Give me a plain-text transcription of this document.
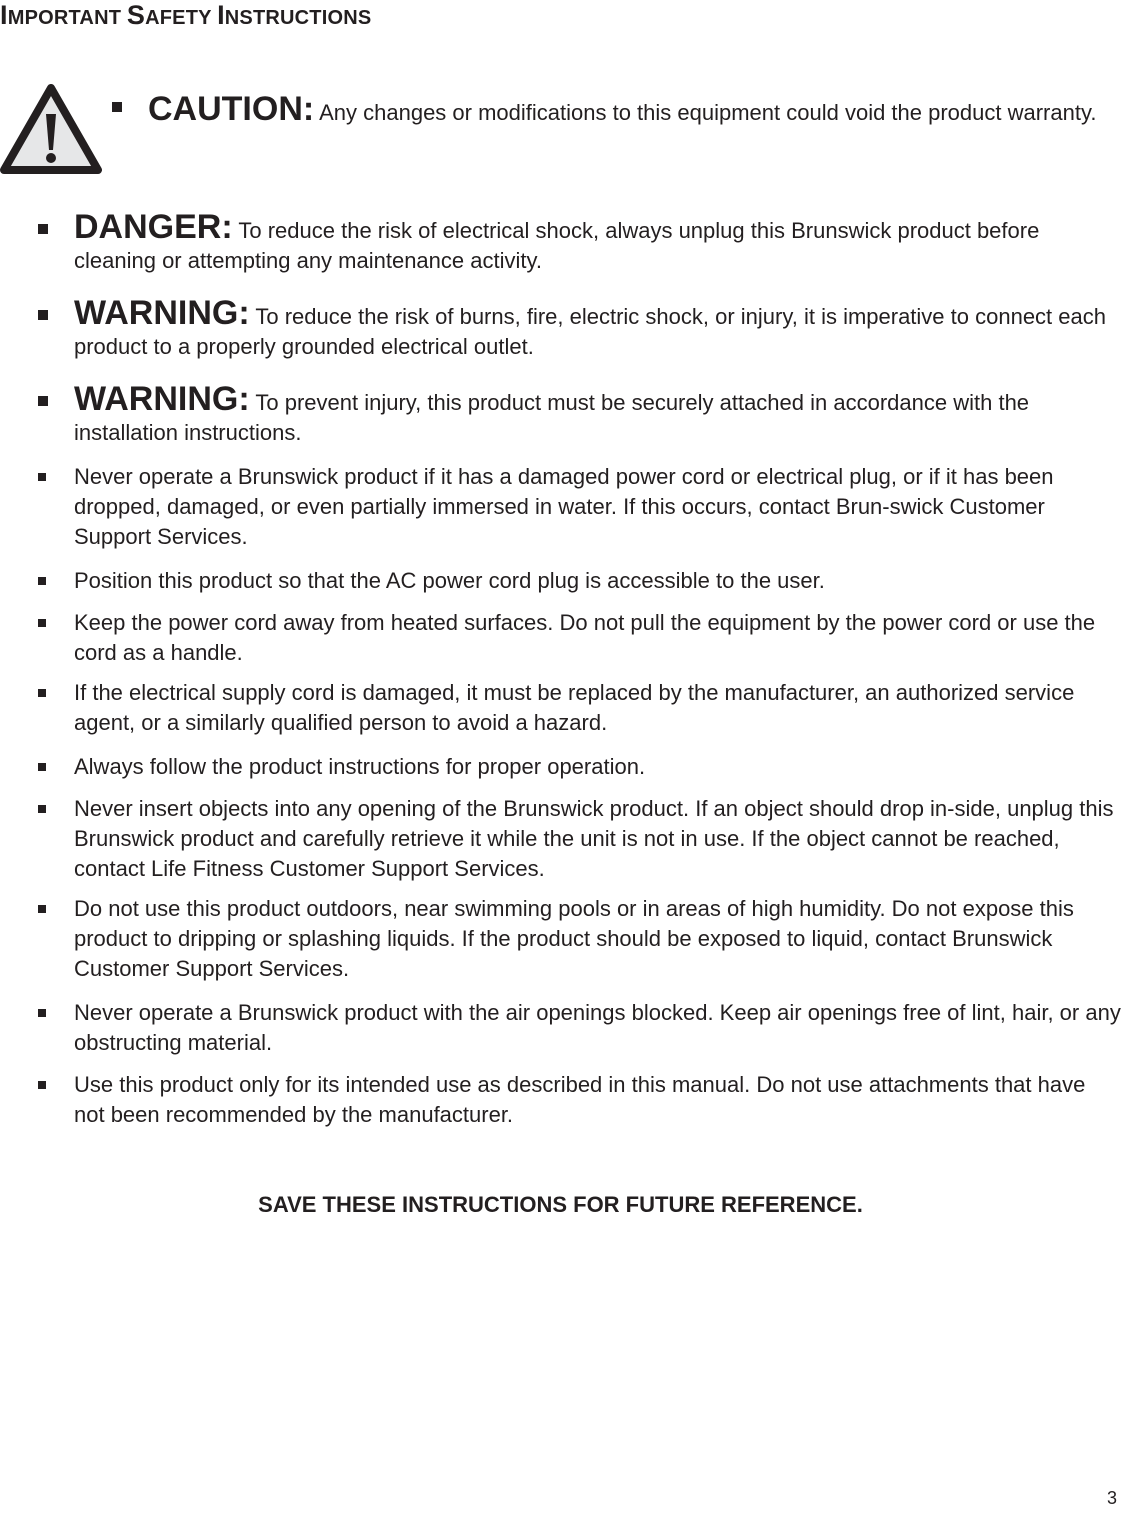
IMPORTANT SAFETY INSTRUCTIONS
CAUTION: Any changes or modifications to this equipment could void the product warranty.
DANGER: To reduce the risk of electrical shock, always unplug this Brunswick product before cleaning or attempting any maintenance activity.
WARNING: To reduce the risk of burns, fire, electric shock, or injury, it is imperative to connect each product to a properly grounded electrical outlet.
WARNING: To prevent injury, this product must be securely attached in accordance with the installation instructions.
Never operate a Brunswick product if it has a damaged power cord or electrical plug, or if it has been dropped, damaged, or even partially immersed in water. If this occurs, contact Brun-swick Customer Support Services.
Position this product so that the AC power cord plug is accessible to the user.
Keep the power cord away from heated surfaces. Do not pull the equipment by the power cord or use the cord as a handle.
If the electrical supply cord is damaged, it must be replaced by the manufacturer, an authorized service agent, or a similarly qualified person to avoid a hazard.
Always follow the product instructions for proper operation.
Never insert objects into any opening of the Brunswick product. If an object should drop in-side, unplug this Brunswick product and carefully retrieve it while the unit is not in use. If the object cannot be reached, contact Life Fitness Customer Support Services.
Do not use this product outdoors, near swimming pools or in areas of high humidity. Do not expose this product to dripping or splashing liquids. If the product should be exposed to liquid, contact Brunswick Customer Support Services.
Never operate a Brunswick product with the air openings blocked. Keep air openings free of lint, hair, or any obstructing material.
Use this product only for its intended use as described in this manual. Do not use attachments that have not been recommended by the manufacturer.
SAVE THESE INSTRUCTIONS FOR FUTURE REFERENCE.
3
